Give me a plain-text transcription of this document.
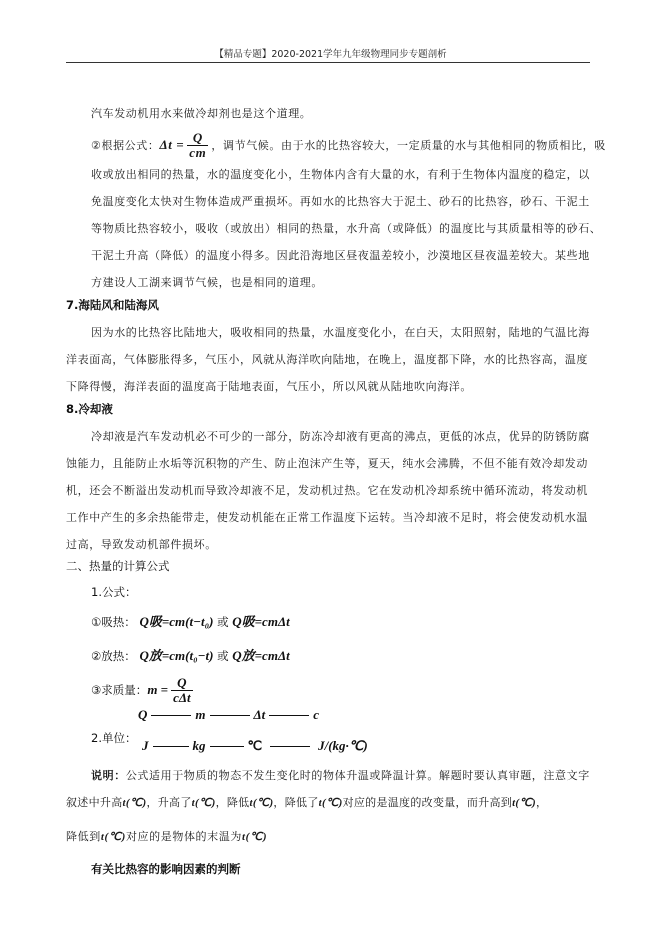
【精品专题】2020-2021学年九年级物理同步专题剖析
汽车发动机用水来做冷却剂也是这个道理。
② 根据公式： $\Delta t = \frac{Q}{cm}$ ，调节气候。由于水的比热容较大，一定质量的水与其他相同的物质相比，吸
收或放出相同的热量，水的温度变化小，生物体内含有大量的水，有利于生物体内温度的稳定，以
免温度变化太快对生物体造成严重损坏。再如水的比热容大于泥土、砂石的比热容，砂石、干泥土
等物质比热容较小，吸收（或放出）相同的热量，水升高（或降低）的温度比与其质量相等的砂石、
干泥土升高（降低）的温度小得多。因此沿海地区昼夜温差较小，沙漠地区昼夜温差较大。某些地
方建设人工湖来调节气候，也是相同的道理。
7.海陆风和陆海风
因为水的比热容比陆地大，吸收相同的热量，水温度变化小，在白天，太阳照射，陆地的气温比海
洋表面高，气体膨胀得多，气压小，风就从海洋吹向陆地，在晚上，温度都下降，水的比热容高，温度
下降得慢，海洋表面的温度高于陆地表面，气压小，所以风就从陆地吹向海洋。
8.冷却液
冷却液是汽车发动机必不可少的一部分，防冻冷却液有更高的沸点，更低的冰点，优异的防锈防腐
蚀能力，且能防止水垢等沉积物的产生、防止泡沫产生等，夏天，纯水会沸腾，不但不能有效冷却发动
机，还会不断溢出发动机而导致冷却液不足，发动机过热。它在发动机冷却系统中循环流动，将发动机
工作中产生的多余热能带走，使发动机能在正常工作温度下运转。当冷却液不足时，将会使发动机水温
过高，导致发动机部件损坏。
二、热量的计算公式
1.公式：
①吸热： Q吸=cm(t−t₀) 或 Q吸=cmΔt
②放热： Q放=cm(t₀−t) 或 Q放=cmΔt
③求质量： $m = \frac{Q}{\text{cΔt}}$
Q	m	Δt	c
2.单位： J	kg	℃	J/(kg·℃)
说明：公式适用于物质的物态不发生变化时的物体升温或降温计算。解题时要认真审题，注意文字
叙述中升高t(℃)，升高了t(℃)，降低t(℃)，降低了t(℃)对应的是温度的改变量，而升高到t(℃)，
降低到t(℃)对应的是物体的末温为t(℃)
有关比热容的影响因素的判断
